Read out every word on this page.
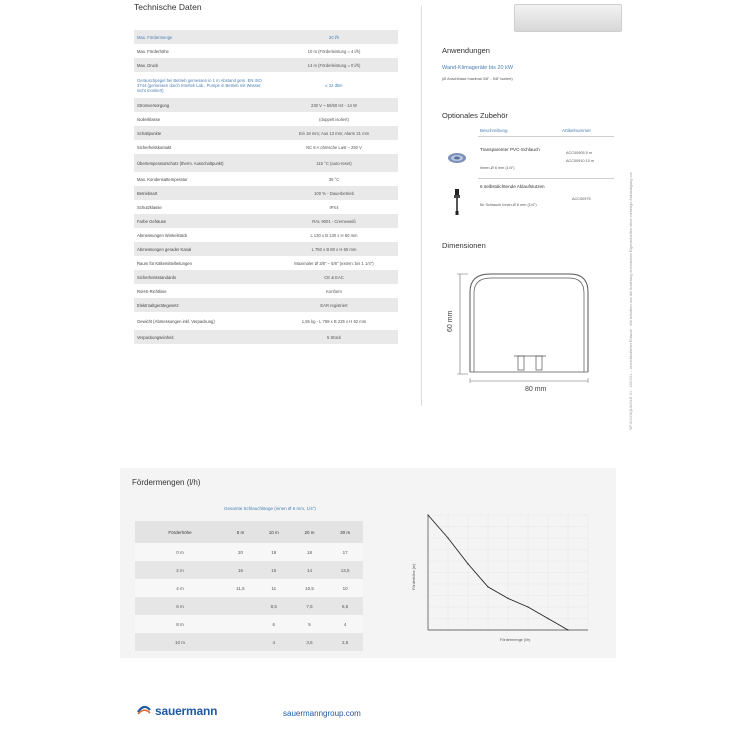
Technische Daten
Max. Fördermenge	20 l/h
Max. Förderhöhe	10 m (Förderleistung = 4 l/h)
Max. Druck	14 m (Förderleistung = 0 l/h)
Geräuschpegel bei Betrieb gemessen in 1 m Abstand gem. EN ISO 3744 (gemessen durch Intertek Lab., Pumpe in Betrieb mit Wasser, nicht montiert)	≤ 22 dBA
Stromversorgung	230 V ~ 50/60 Hz - 14 W
Isolierklasse	(doppelt isoliert)
Schaltpunkte	Ein 18 mm; Aus 13 mm; Alarm 21 mm
Sicherheitskontakt	NC 8 A ohmsche Last – 250 V
Übertemperaturschutz (therm. Ausschaltpunkt)	115 °C (auto-reset)
Max. Kondensattemperatur	35 °C
Betriebsart	100 % - Dauerbetrieb
Schutzklasse	IPX4
Farbe Gehäuse	RAL 9001 - Cremeweiß
Abmessungen Winkelstück	L 130 x B 130 x H 60 mm
Abmessungen gerader Kanal	L 750 x B 80 x H 60 mm
Raum für Kältemittelleitungen	Maximaler Ø 3/8" – 5/8" (extern: bis 1 1/4")
Sicherheitsstandards	CE & EAC
RoHS-Richtlinie	Konform
Elektroaltgerätegesetz	EAR registriert
Gewicht (Abmessungen inkl. Verpackung)	1,55 kg - L 769 x B 225 x H 62 mm
Verpackungseinheit	5 Stück
Anwendungen
Wand-Klimageräte bis 20 kW
(Ø Anschlüsse maximal 3/8" - 5/8" isoliert)
Optionales Zubehör
Beschreibung	Artikelnummer
Transparenter PVC-Schlauch
Innen-Ø 6 mm (1/4")
ACC00905 5 m
ACC00910 10 m
6 selbstdichtende Ablaufstutzen
für Schlauch Innen-Ø 6 mm (1/4")
ACC00975
Dimensionen
60 mm
80 mm	SP1010/AQUAS/LE V1 · 2021/01 – Unverbindlicher Entwurf · Wir behalten uns die Änderung technischer Eigenschaften ohne vorherige Ankündigung vor
Fördermengen (l/h)
Gesamte Schlauchlänge (innen Ø 6 mm, 1/4")
Förderhöhe	5 m	10 m	20 m	30 m
0 m	20	19	18	17
2 m	16	15	14	13,5
4 m	11,5	11	10,5	10
6 m		8,5	7,5	6,5
8 m		6	5	4
10 m		4	3,5	2,5
Förderhöhe (m)
Fördermenge (l/h)
sauermann	sauermanngroup.com
